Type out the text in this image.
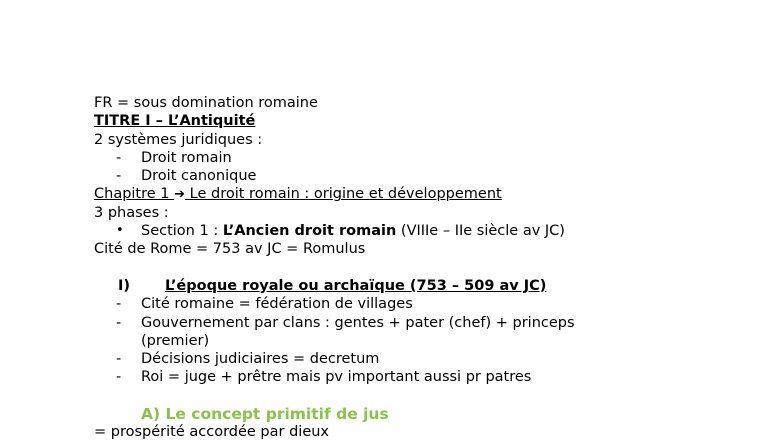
FR = sous domination romaine
TITRE I – L’Antiquité
2 systèmes juridiques :
- Droit romain
- Droit canonique
Chapitre 1 ➔ Le droit romain : origine et développement
3 phases :
• Section 1 : L’Ancien droit romain (VIIIe – IIe siècle av JC)
Cité de Rome = 753 av JC = Romulus
I) L’époque royale ou archaïque (753 – 509 av JC)
- Cité romaine = fédération de villages
- Gouvernement par clans : gentes + pater (chef) + princeps
(premier)
- Décisions judiciaires = decretum
- Roi = juge + prêtre mais pv important aussi pr patres
A) Le concept primitif de jus
= prospérité accordée par dieux
